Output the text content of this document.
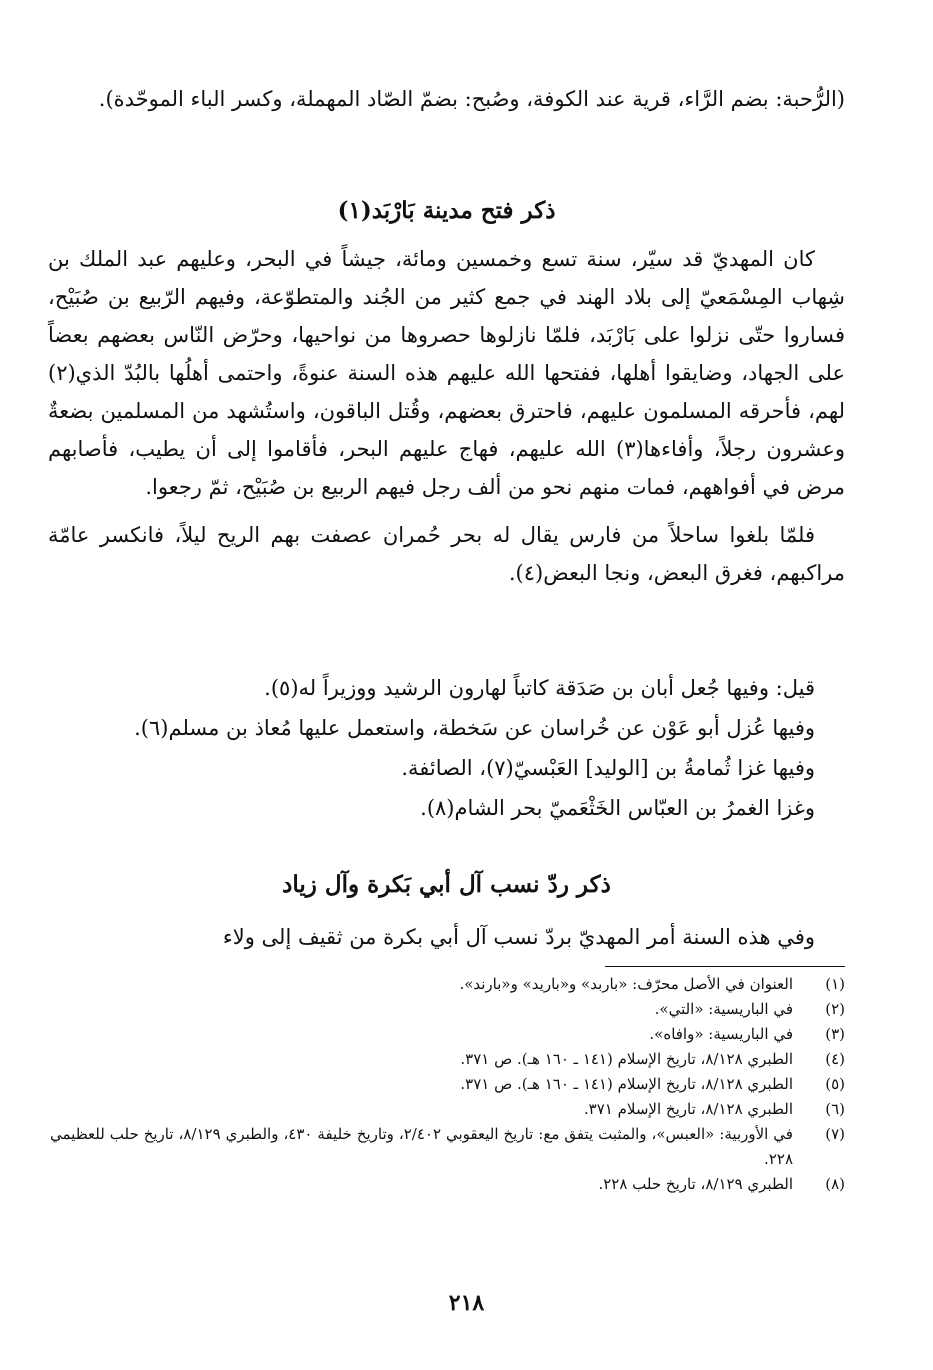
(الرُّحبة: بضم الرَّاء، قرية عند الكوفة، وصُبح: بضمّ الصّاد المهملة، وكسر الباء الموحّدة).

ذكر فتح مدينة بَارْبَد(١)

كان المهديّ قد سيّر، سنة تسع وخمسين ومائة، جيشاً في البحر، وعليهم عبد الملك بن شِهاب المِسْمَعيّ إلى بلاد الهند في جمع كثير من الجُند والمتطوّعة، وفيهم الرّبيع بن صُبَيْح، فساروا حتّى نزلوا على بَارْبَد، فلمّا نازلوها حصروها من نواحيها، وحرّض النّاس بعضهم بعضاً على الجهاد، وضايقوا أهلها، ففتحها الله عليهم هذه السنة عنوةً، واحتمى أهلُها بالبُدّ الذي(٢) لهم، فأحرقه المسلمون عليهم، فاحترق بعضهم، وقُتل الباقون، واستُشهد من المسلمين بضعةٌ وعشرون رجلاً، وأفاءها(٣) الله عليهم، فهاج عليهم البحر، فأقاموا إلى أن يطيب، فأصابهم مرض في أفواههم، فمات منهم نحو من ألف رجل فيهم الربيع بن صُبَيْح، ثمّ رجعوا.

فلمّا بلغوا ساحلاً من فارس يقال له بحر حُمران عصفت بهم الريح ليلاً، فانكسر عامّة مراكبهم، فغرق البعض، ونجا البعض(٤).

قيل: وفيها جُعل أبان بن صَدَقة كاتباً لهارون الرشيد ووزيراً له(٥).

وفيها عُزل أبو عَوْن عن خُراسان عن سَخطة، واستعمل عليها مُعاذ بن مسلم(٦).

وفيها غزا ثُمامةُ بن [الوليد] العَبْسيّ(٧)، الصائفة.

وغزا الغمرُ بن العبّاس الخَثْعَميّ بحر الشام(٨).

ذكر ردّ نسب آل أبي بَكرة وآل زياد

وفي هذه السنة أمر المهديّ بردّ نسب آل أبي بكرة من ثقيف إلى ولاء

(١)
العنوان في الأصل محرّف: «باربد» و«باريد» و«بارند».
(٢)
في الباريسية: «التي».
(٣)
في الباريسية: «وافاه».
(٤)
الطبري ٨/١٢٨، تاريخ الإسلام (١٤١ ـ ١٦٠ هـ). ص ٣٧١.
(٥)
الطبري ٨/١٢٨، تاريخ الإسلام (١٤١ ـ ١٦٠ هـ). ص ٣٧١.
(٦)
الطبري ٨/١٢٨، تاريخ الإسلام ٣٧١.
(٧)
في الأوربية: «العبس»، والمثبت يتفق مع: تاريخ اليعقوبي ٢/٤٠٢، وتاريخ خليفة ٤٣٠، والطبري ٨/١٢٩، تاريخ حلب للعظيمي ٢٢٨.
(٨)
الطبري ٨/١٢٩، تاريخ حلب ٢٢٨.
٢١٨
